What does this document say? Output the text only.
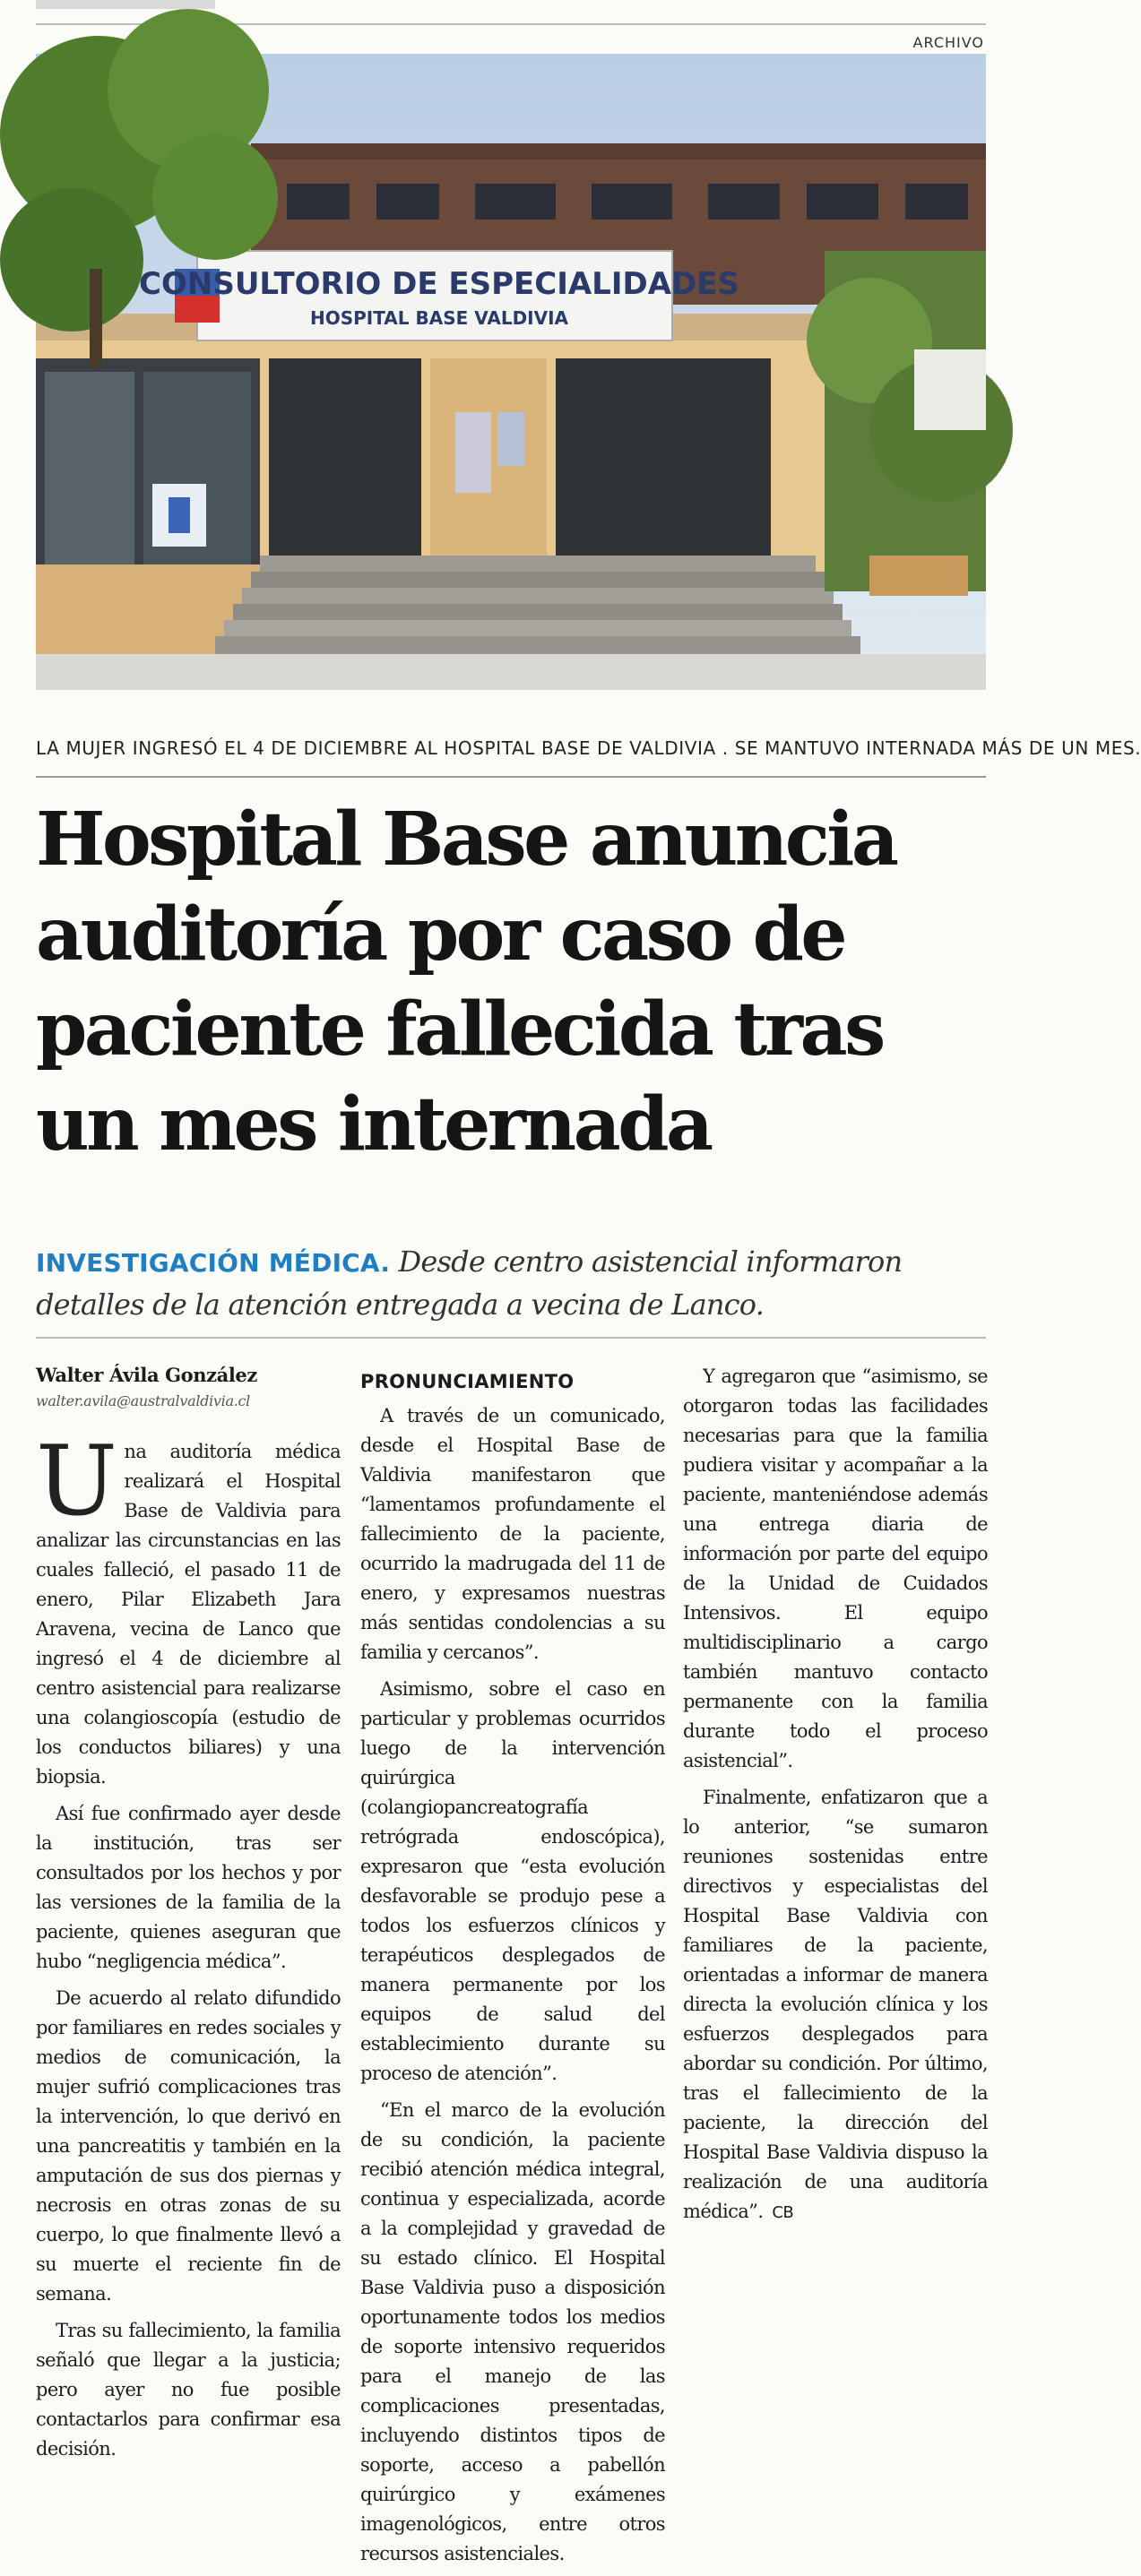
ARCHIVO
CONSULTORIO DE ESPECIALIDADES
HOSPITAL BASE VALDIVIA
LA MUJER INGRESÓ EL 4 DE DICIEMBRE AL HOSPITAL BASE DE VALDIVIA . SE MANTUVO INTERNADA MÁS DE UN MES.
Hospital Base anuncia
auditoría por caso de
paciente fallecida tras
un mes internada
INVESTIGACIÓN MÉDICA. Desde centro asistencial informaron detalles de la atención entregada a vecina de Lanco.
Walter Ávila González
walter.avila@australvaldivia.cl

Una auditoría médica realizará el Hospital Base de Valdivia para analizar las circunstancias en las cuales falleció, el pasado 11 de enero, Pilar Elizabeth Jara Aravena, vecina de Lanco que ingresó el 4 de diciembre al centro asistencial para realizarse una colangioscopía (estudio de los conductos biliares) y una biopsia.

Así fue confirmado ayer desde la institución, tras ser consultados por los hechos y por las versiones de la familia de la paciente, quienes aseguran que hubo “negligencia médica”.

De acuerdo al relato difundido por familiares en redes sociales y medios de comunicación, la mujer sufrió complicaciones tras la intervención, lo que derivó en una pancreatitis y también en la amputación de sus dos piernas y necrosis en otras zonas de su cuerpo, lo que finalmente llevó a su muerte el reciente fin de semana.

Tras su fallecimiento, la familia señaló que llegar a la justicia; pero ayer no fue posible contactarlos para confirmar esa decisión.

PRONUNCIAMIENTO

A través de un comunicado, desde el Hospital Base de Valdivia manifestaron que “lamentamos profundamente el fallecimiento de la paciente, ocurrido la madrugada del 11 de enero, y expresamos nuestras más sentidas condolencias a su familia y cercanos”.

Asimismo, sobre el caso en particular y problemas ocurridos luego de la intervención quirúrgica (colangiopancreatografía retrógrada endoscópica), expresaron que “esta evolución desfavorable se produjo pese a todos los esfuerzos clínicos y terapéuticos desplegados de manera permanente por los equipos de salud del establecimiento durante su proceso de atención”.

“En el marco de la evolución de su condición, la paciente recibió atención médica integral, continua y especializada, acorde a la complejidad y gravedad de su estado clínico. El Hospital Base Valdivia puso a disposición oportunamente todos los medios de soporte intensivo requeridos para el manejo de las complicaciones presentadas, incluyendo distintos tipos de soporte, acceso a pabellón quirúrgico y exámenes imagenológicos, entre otros recursos asistenciales.

Y agregaron que “asimismo, se otorgaron todas las facilidades necesarias para que la familia pudiera visitar y acompañar a la paciente, manteniéndose además una entrega diaria de información por parte del equipo de la Unidad de Cuidados Intensivos. El equipo multidisciplinario a cargo también mantuvo contacto permanente con la familia durante todo el proceso asistencial”.

Finalmente, enfatizaron que a lo anterior, “se sumaron reuniones sostenidas entre directivos y especialistas del Hospital Base Valdivia con familiares de la paciente, orientadas a informar de manera directa la evolución clínica y los esfuerzos desplegados para abordar su condición. Por último, tras el fallecimiento de la paciente, la dirección del Hospital Base Valdivia dispuso la realización de una auditoría médica”. CB
